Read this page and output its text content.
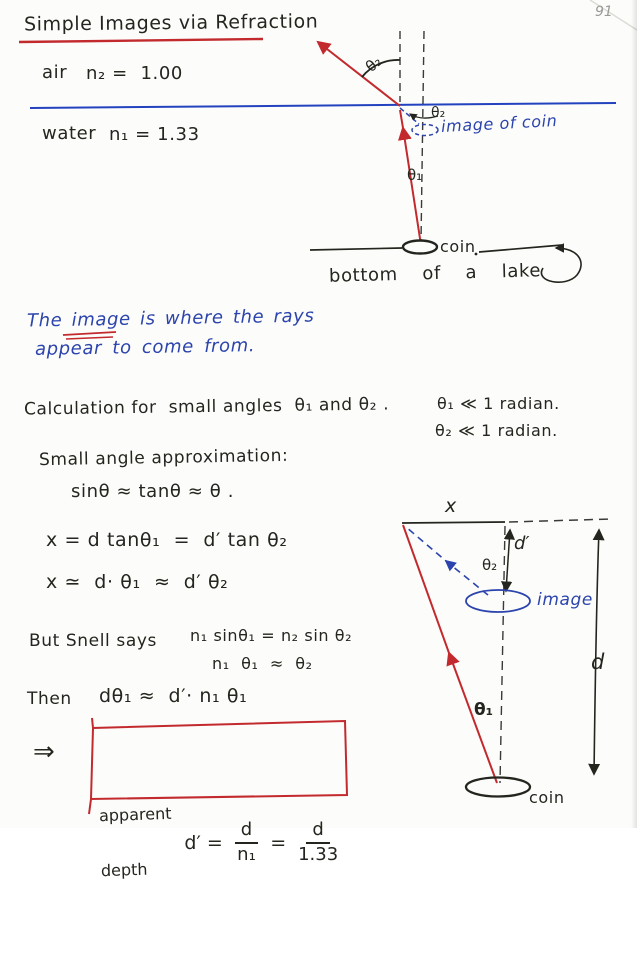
91
Simple Images via Refraction
air n₂ =  1.00
water n₁ = 1.33
θ₂
θ₂
image of coin
θ₁
coin
bottom  of  a  lake
The image is where the rays
appear to come from.
Calculation for  small angles  θ₁ and θ₂ .	θ₁ ≪ 1 radian.
θ₂ ≪ 1 radian.
Small angle approximation:
sinθ ≈ tanθ ≈ θ .
x = d tanθ₁  =  d′ tan θ₂
x ≃  d· θ₁  ≈  d′ θ₂
But Snell says n₁ sinθ₁ = n₂ sin θ₂
n₁  θ₁  ≈  θ₂
Then dθ₁ ≈  d′· n₁ θ₁
⇒

apparent

depth

$d' = \frac{d}{\text{n₁}} = \frac{d}{1.33}$

x
θ₂
d′
image
d
θ₁
coin
